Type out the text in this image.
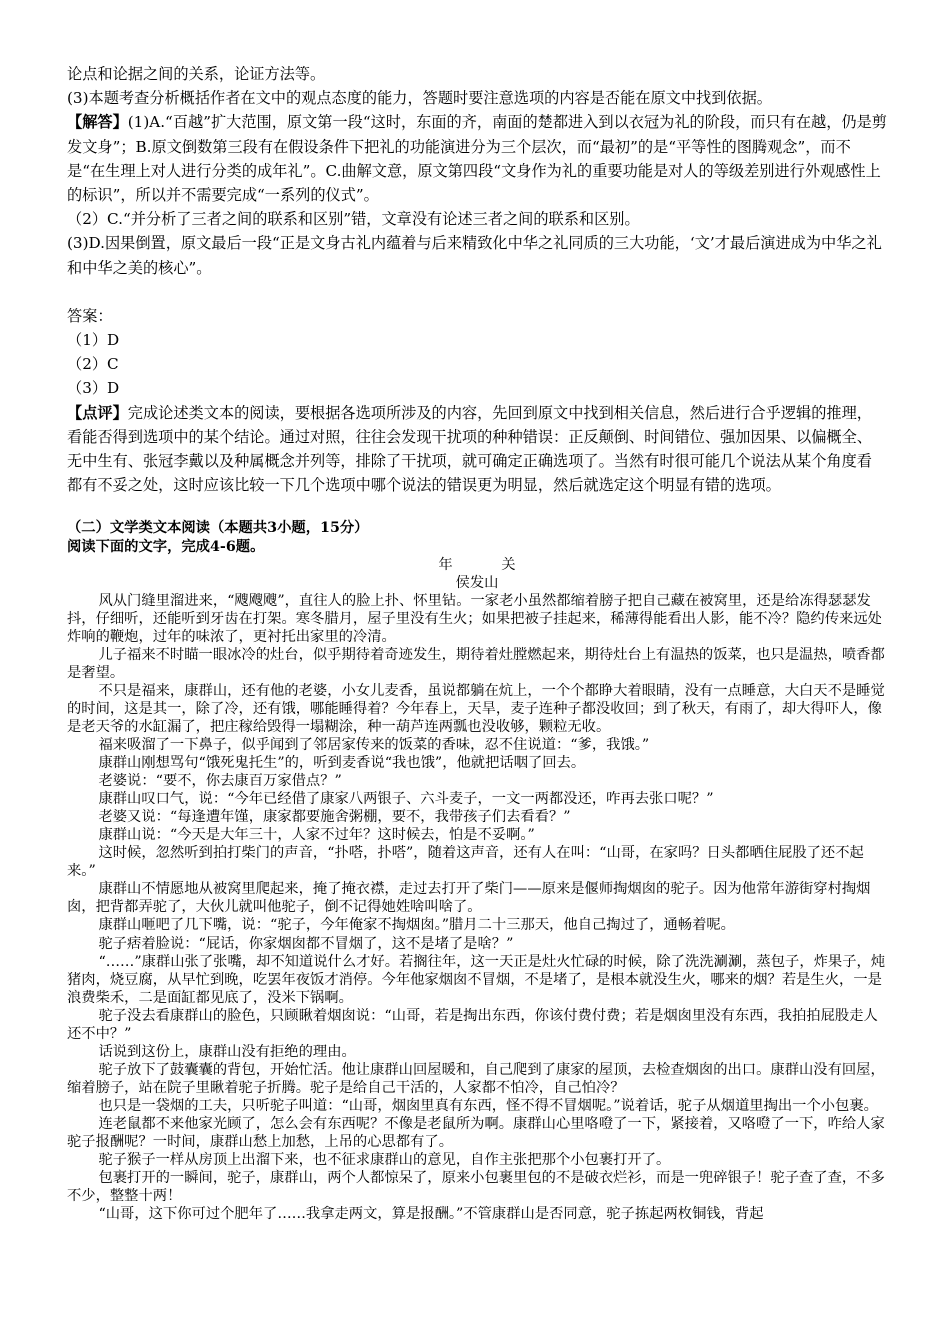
论点和论据之间的关系，论证方法等。

(3)本题考查分析概括作者在文中的观点态度的能力，答题时要注意选项的内容是否能在原文中找到依据。

【解答】(1)A.“百越”扩大范围，原文第一段“这时，东面的齐，南面的楚都进入到以衣冠为礼的阶段，而只有在越，仍是剪发文身”；B.原文倒数第三段有在假设条件下把礼的功能演进分为三个层次，而“最初”的是“平等性的图腾观念”，而不是“在生理上对人进行分类的成年礼”。C.曲解文意，原文第四段“文身作为礼的重要功能是对人的等级差别进行外观感性上的标识”，所以并不需要完成“一系列的仪式”。

（2）C.“并分析了三者之间的联系和区别”错，文章没有论述三者之间的联系和区别。

(3)D.因果倒置，原文最后一段“正是文身古礼内蕴着与后来精致化中华之礼同质的三大功能，‘文’才最后演进成为中华之礼和中华之美的核心”。

答案：

（1）D

（2）C

（3）D

【点评】完成论述类文本的阅读，要根据各选项所涉及的内容，先回到原文中找到相关信息，然后进行合乎逻辑的推理，看能否得到选项中的某个结论。通过对照，往往会发现干扰项的种种错误：正反颠倒、时间错位、强加因果、以偏概全、无中生有、张冠李戴以及种属概念并列等，排除了干扰项，就可确定正确选项了。当然有时很可能几个说法从某个角度看都有不妥之处，这时应该比较一下几个选项中哪个说法的错误更为明显，然后就选定这个明显有错的选项。

（二）文学类文本阅读（本题共3小题，15分）

阅读下面的文字，完成4-6题。

年关

侯发山

风从门缝里溜进来，“飕飕飕”，直往人的脸上扑、怀里钻。一家老小虽然都缩着膀子把自己藏在被窝里，还是给冻得瑟瑟发抖，仔细听，还能听到牙齿在打架。寒冬腊月，屋子里没有生火；如果把被子挂起来，稀薄得能看出人影，能不冷？隐约传来远处炸响的鞭炮，过年的味浓了，更衬托出家里的冷清。

儿子福来不时瞄一眼冰冷的灶台，似乎期待着奇迹发生，期待着灶膛燃起来，期待灶台上有温热的饭菜，也只是温热，喷香都是奢望。

不只是福来，康群山，还有他的老婆，小女儿麦香，虽说都躺在炕上，一个个都睁大着眼睛，没有一点睡意，大白天不是睡觉的时间，这是其一，除了冷，还有饿，哪能睡得着？今年春上，天旱，麦子连种子都没收回；到了秋天，有雨了，却大得吓人，像是老天爷的水缸漏了，把庄稼给毁得一塌糊涂，种一葫芦连两瓢也没收够，颗粒无收。

福来吸溜了一下鼻子，似乎闻到了邻居家传来的饭菜的香味，忍不住说道：“爹，我饿。”

康群山刚想骂句“饿死鬼托生”的，听到麦香说“我也饿”，他就把话咽了回去。

老婆说：“要不，你去康百万家借点？”

康群山叹口气，说：“今年已经借了康家八两银子、六斗麦子，一文一两都没还，咋再去张口呢？”

老婆又说：“每逢遭年馑，康家都要施舍粥棚，要不，我带孩子们去看看？”

康群山说：“今天是大年三十，人家不过年？这时候去，怕是不妥啊。”

这时候，忽然听到拍打柴门的声音，“扑嗒，扑嗒”，随着这声音，还有人在叫：“山哥，在家吗？日头都晒住屁股了还不起来。”

康群山不情愿地从被窝里爬起来，掩了掩衣襟，走过去打开了柴门——原来是偃师掏烟囱的驼子。因为他常年游街穿村掏烟囱，把背都弄驼了，大伙儿就叫他驼子，倒不记得她姓啥叫啥了。

康群山咂吧了几下嘴，说：“驼子，今年俺家不掏烟囱。”腊月二十三那天，他自己掏过了，通畅着呢。

驼子痞着脸说：“屁话，你家烟囱都不冒烟了，这不是堵了是啥？”

“……”康群山张了张嘴，却不知道说什么才好。若搁往年，这一天正是灶火忙碌的时候，除了洗洗涮涮，蒸包子，炸果子，炖猪肉，烧豆腐，从早忙到晚，吃罢年夜饭才消停。今年他家烟囱不冒烟，不是堵了，是根本就没生火，哪来的烟？若是生火，一是浪费柴禾，二是面缸都见底了，没米下锅啊。

驼子没去看康群山的脸色，只顾瞅着烟囱说：“山哥，若是掏出东西，你该付费付费；若是烟囱里没有东西，我拍拍屁股走人还不中？”

话说到这份上，康群山没有拒绝的理由。

驼子放下了鼓囊囊的背包，开始忙活。他让康群山回屋暖和，自己爬到了康家的屋顶，去检查烟囱的出口。康群山没有回屋，缩着膀子，站在院子里瞅着驼子折腾。驼子是给自己干活的，人家都不怕冷，自己怕冷？

也只是一袋烟的工夫，只听驼子叫道：“山哥，烟囱里真有东西，怪不得不冒烟呢。”说着话，驼子从烟道里掏出一个小包裹。

连老鼠都不来他家光顾了，怎么会有东西呢？不像是老鼠所为啊。康群山心里咯噔了一下，紧接着，又咯噔了一下，咋给人家驼子报酬呢？一时间，康群山愁上加愁，上吊的心思都有了。

驼子猴子一样从房顶上出溜下来，也不征求康群山的意见，自作主张把那个小包裹打开了。

包裹打开的一瞬间，驼子，康群山，两个人都惊呆了，原来小包裹里包的不是破衣烂衫，而是一兜碎银子！驼子查了查，不多不少，整整十两！

“山哥，这下你可过个肥年了……我拿走两文，算是报酬。”不管康群山是否同意，驼子拣起两枚铜钱，背起
